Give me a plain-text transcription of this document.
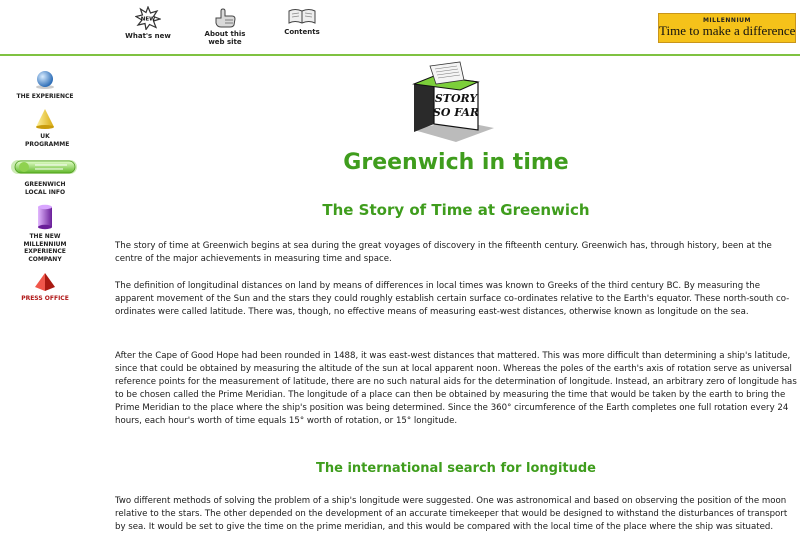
NEW
What's new	About this web site
Contents
MILLENNIUM
Time to make a difference
THE EXPERIENCE
UK PROGRAMME
GREENWICH LOCAL INFO
THE NEW MILLENNIUM EXPERIENCE COMPANY
PRESS OFFICE
STORY
SO FAR
Greenwich in time
The Story of Time at Greenwich

The story of time at Greenwich begins at sea during the great voyages of discovery in the fifteenth century. Greenwich has, through history, been at the centre of the major achievements in measuring time and space.

The definition of longitudinal distances on land by means of differences in local times was known to Greeks of the third century BC. By measuring the apparent movement of the Sun and the stars they could roughly establish certain surface co-ordinates relative to the Earth's equator. These north-south co-ordinates were called latitude. There was, though, no effective means of measuring east-west distances, otherwise known as longitude on the sea.

After the Cape of Good Hope had been rounded in 1488, it was east-west distances that mattered. This was more difficult than determining a ship's latitude, since that could be obtained by measuring the altitude of the sun at local apparent noon. Whereas the poles of the earth's axis of rotation serve as universal reference points for the measurement of latitude, there are no such natural aids for the determination of longitude. Instead, an arbitrary zero of longitude has to be chosen called the Prime Meridian. The longitude of a place can then be obtained by measuring the time that would be taken by the earth to bring the Prime Meridian to the place where the ship's position was being determined. Since the 360° circumference of the Earth completes one full rotation every 24 hours, each hour's worth of time equals 15° worth of rotation, or 15° longitude.

The international search for longitude

Two different methods of solving the problem of a ship's longitude were suggested. One was astronomical and based on observing the position of the moon relative to the stars. The other depended on the development of an accurate timekeeper that would be designed to withstand the disturbances of transport by sea. It would be set to give the time on the prime meridian, and this would be compared with the local time of the place where the ship was situated.
